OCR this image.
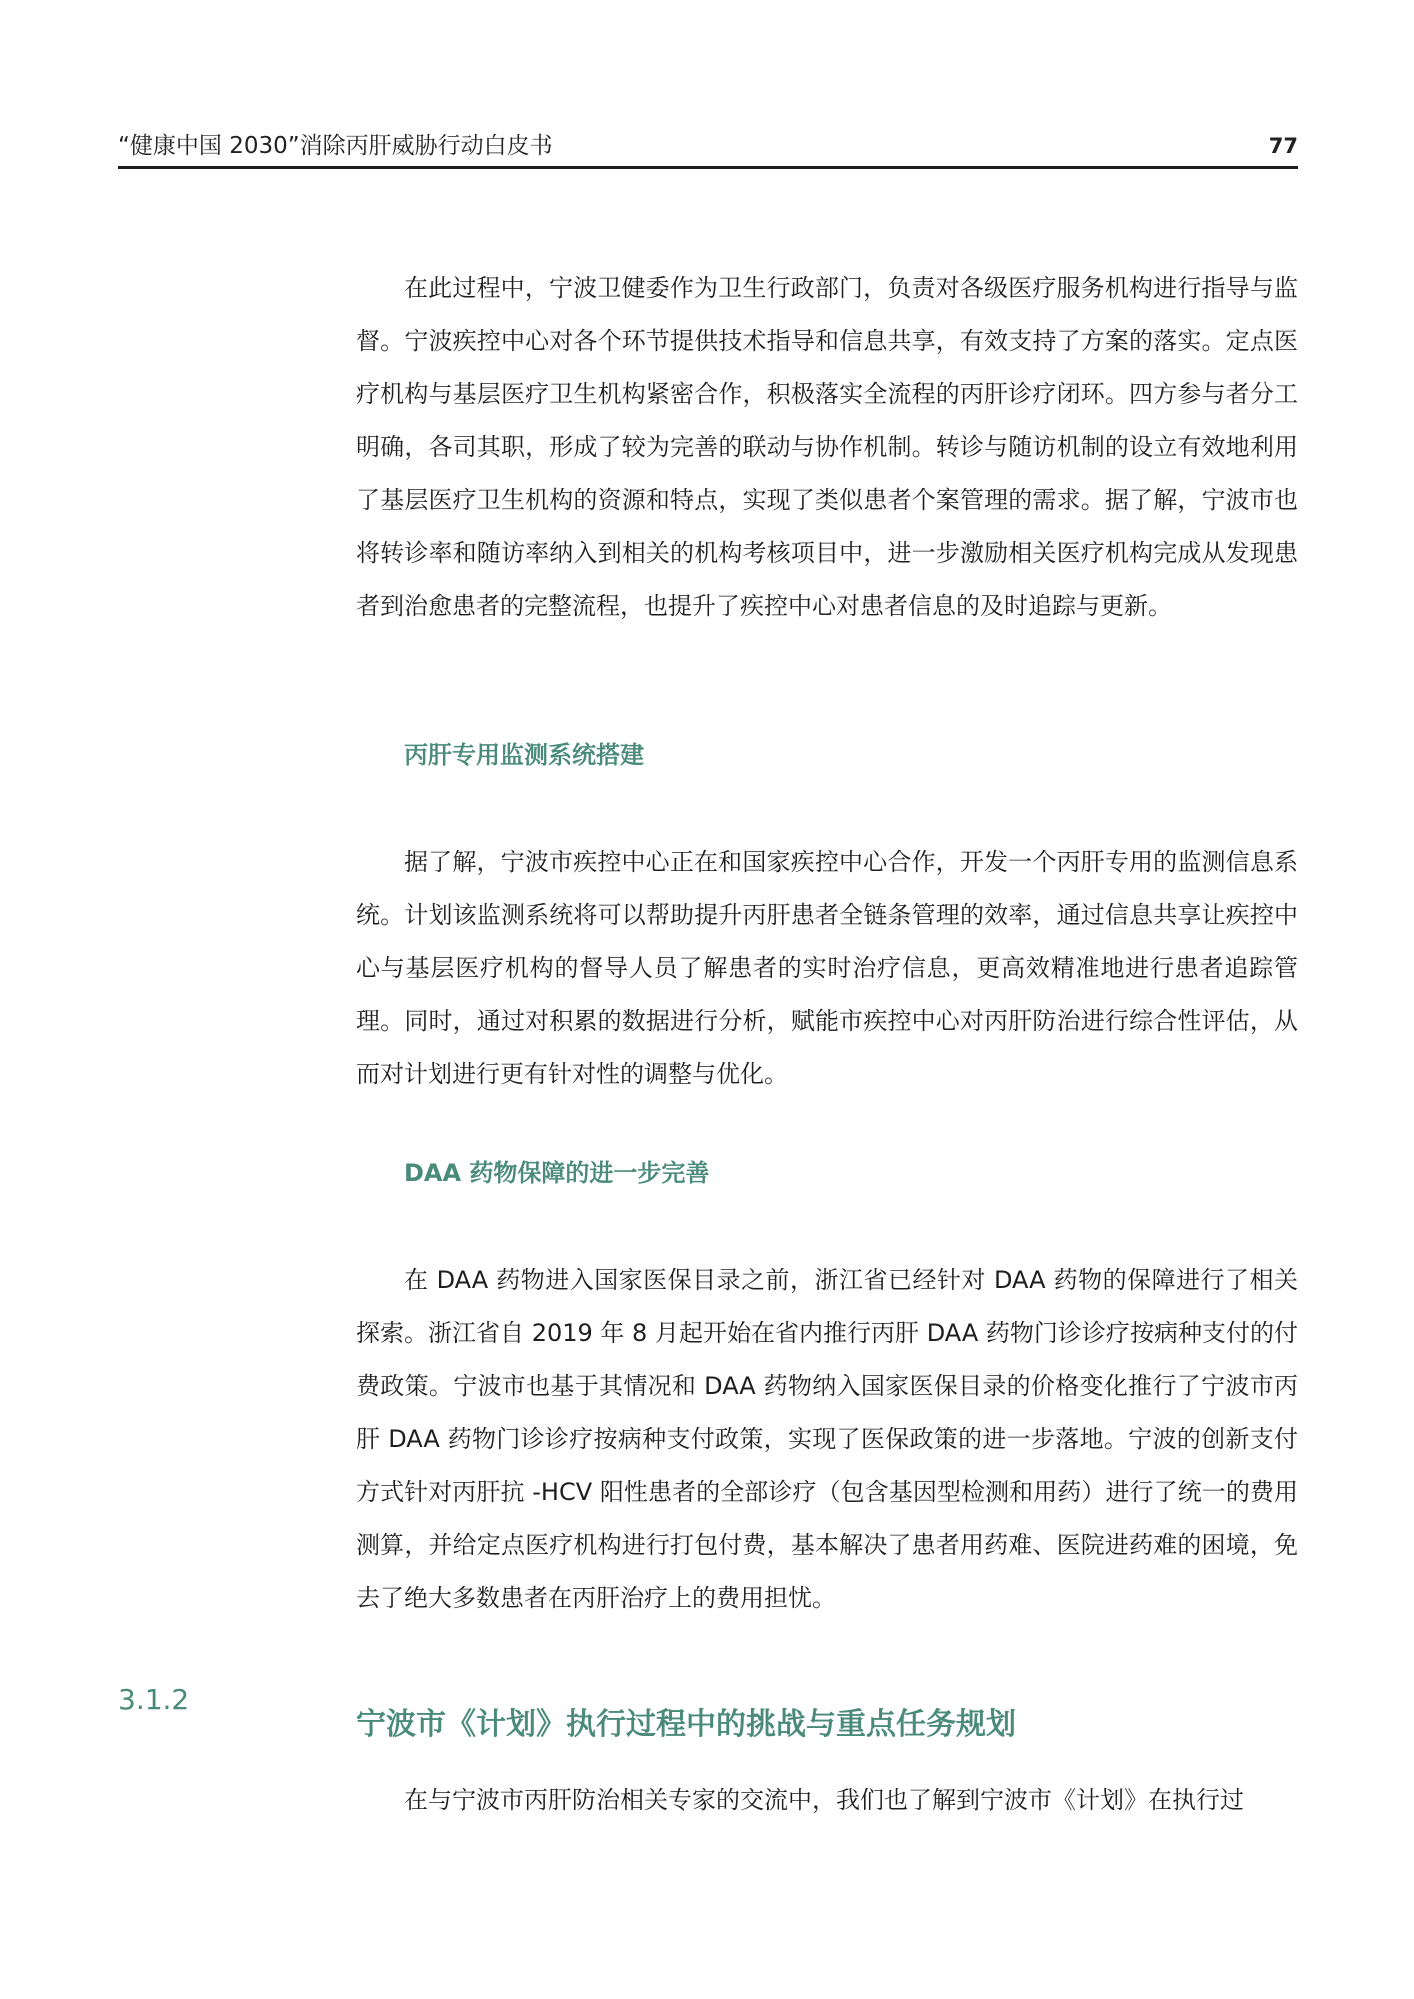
“健康中国 2030”消除丙肝威胁行动白皮书	77

在此过程中，宁波卫健委作为卫生行政部门，负责对各级医疗服务机构进行指导与监督。宁波疾控中心对各个环节提供技术指导和信息共享，有效支持了方案的落实。定点医疗机构与基层医疗卫生机构紧密合作，积极落实全流程的丙肝诊疗闭环。四方参与者分工明确，各司其职，形成了较为完善的联动与协作机制。转诊与随访机制的设立有效地利用了基层医疗卫生机构的资源和特点，实现了类似患者个案管理的需求。据了解，宁波市也将转诊率和随访率纳入到相关的机构考核项目中，进一步激励相关医疗机构完成从发现患者到治愈患者的完整流程，也提升了疾控中心对患者信息的及时追踪与更新。

丙肝专用监测系统搭建

据了解，宁波市疾控中心正在和国家疾控中心合作，开发一个丙肝专用的监测信息系统。计划该监测系统将可以帮助提升丙肝患者全链条管理的效率，通过信息共享让疾控中心与基层医疗机构的督导人员了解患者的实时治疗信息，更高效精准地进行患者追踪管理。同时，通过对积累的数据进行分析，赋能市疾控中心对丙肝防治进行综合性评估，从而对计划进行更有针对性的调整与优化。

DAA 药物保障的进一步完善

在 DAA 药物进入国家医保目录之前，浙江省已经针对 DAA 药物的保障进行了相关探索。浙江省自 2019 年 8 月起开始在省内推行丙肝 DAA 药物门诊诊疗按病种支付的付费政策。宁波市也基于其情况和 DAA 药物纳入国家医保目录的价格变化推行了宁波市丙肝 DAA 药物门诊诊疗按病种支付政策，实现了医保政策的进一步落地。宁波的创新支付方式针对丙肝抗 -HCV 阳性患者的全部诊疗（包含基因型检测和用药）进行了统一的费用测算，并给定点医疗机构进行打包付费，基本解决了患者用药难、医院进药难的困境，免去了绝大多数患者在丙肝治疗上的费用担忧。

3.1.2
宁波市《计划》执行过程中的挑战与重点任务规划

在与宁波市丙肝防治相关专家的交流中，我们也了解到宁波市《计划》在执行过
